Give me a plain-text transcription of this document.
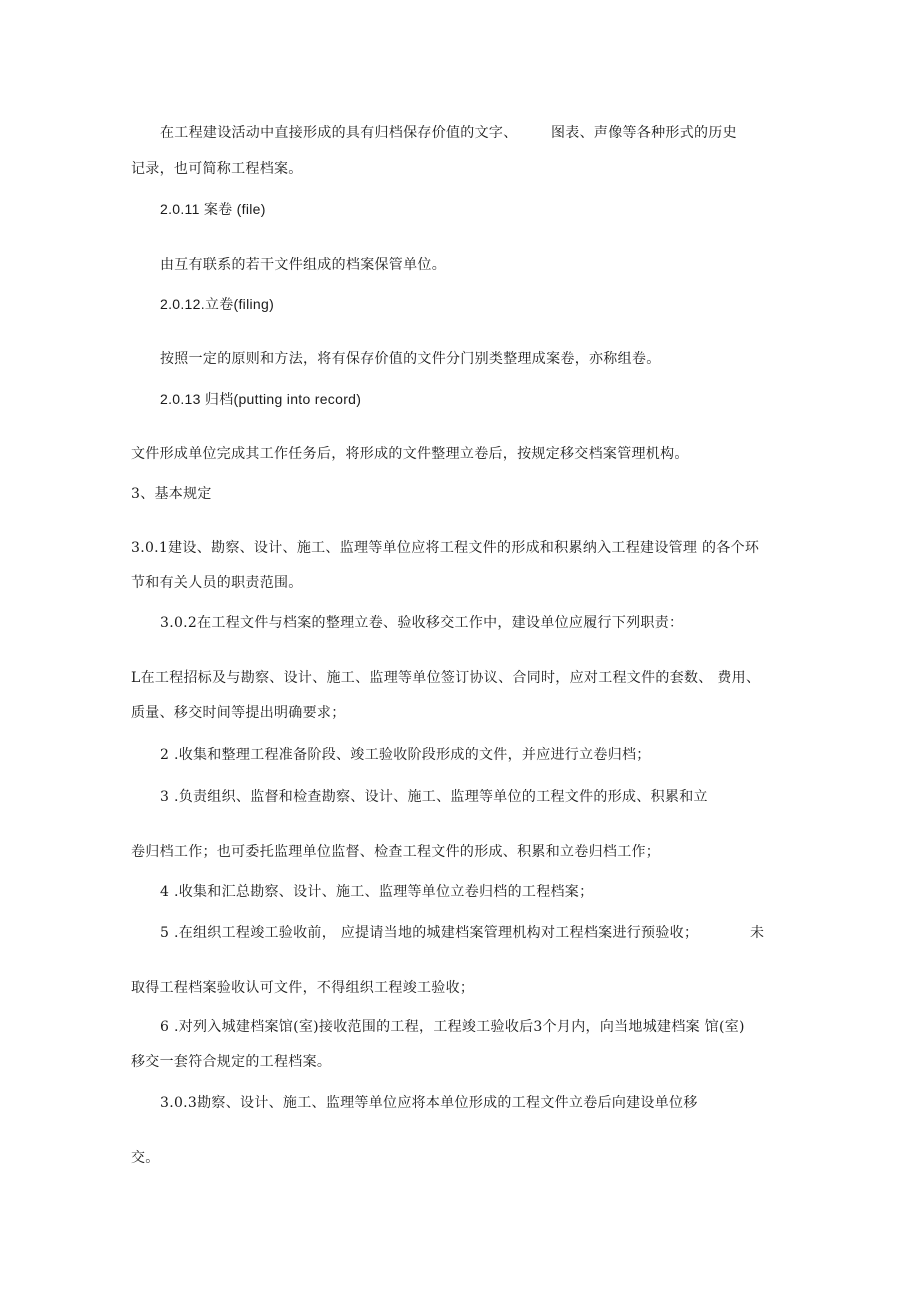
在工程建设活动中直接形成的具有归档保存价值的文字、 图表、声像等各种形式的历史
记录，也可简称工程档案。
2.0.11 案卷 (file)
由互有联系的若干文件组成的档案保管单位。
2.0.12.立卷(filing)
按照一定的原则和方法，将有保存价值的文件分门别类整理成案卷，亦称组卷。
2.0.13 归档(putting into record)
文件形成单位完成其工作任务后，将形成的文件整理立卷后，按规定移交档案管理机构。
3、基本规定
3.0.1建设、勘察、设计、施工、监理等单位应将工程文件的形成和积累纳入工程建设管理 的各个环
节和有关人员的职责范围。
3.0.2在工程文件与档案的整理立卷、验收移交工作中，建设单位应履行下列职责：
L在工程招标及与勘察、设计、施工、监理等单位签订协议、合同时，应对工程文件的套数、 费用、
质量、移交时间等提出明确要求；
2 .收集和整理工程准备阶段、竣工验收阶段形成的文件，并应进行立卷归档；
3 .负责组织、监督和检查勘察、设计、施工、监理等单位的工程文件的形成、积累和立
卷归档工作；也可委托监理单位监督、检查工程文件的形成、积累和立卷归档工作；
4 .收集和汇总勘察、设计、施工、监理等单位立卷归档的工程档案；
5 .在组织工程竣工验收前， 应提请当地的城建档案管理机构对工程档案进行预验收；	未
取得工程档案验收认可文件，不得组织工程竣工验收；
6 .对列入城建档案馆(室)接收范围的工程，工程竣工验收后3个月内，向当地城建档案 馆(室)
移交一套符合规定的工程档案。
3.0.3勘察、设计、施工、监理等单位应将本单位形成的工程文件立卷后向建设单位移
交。
